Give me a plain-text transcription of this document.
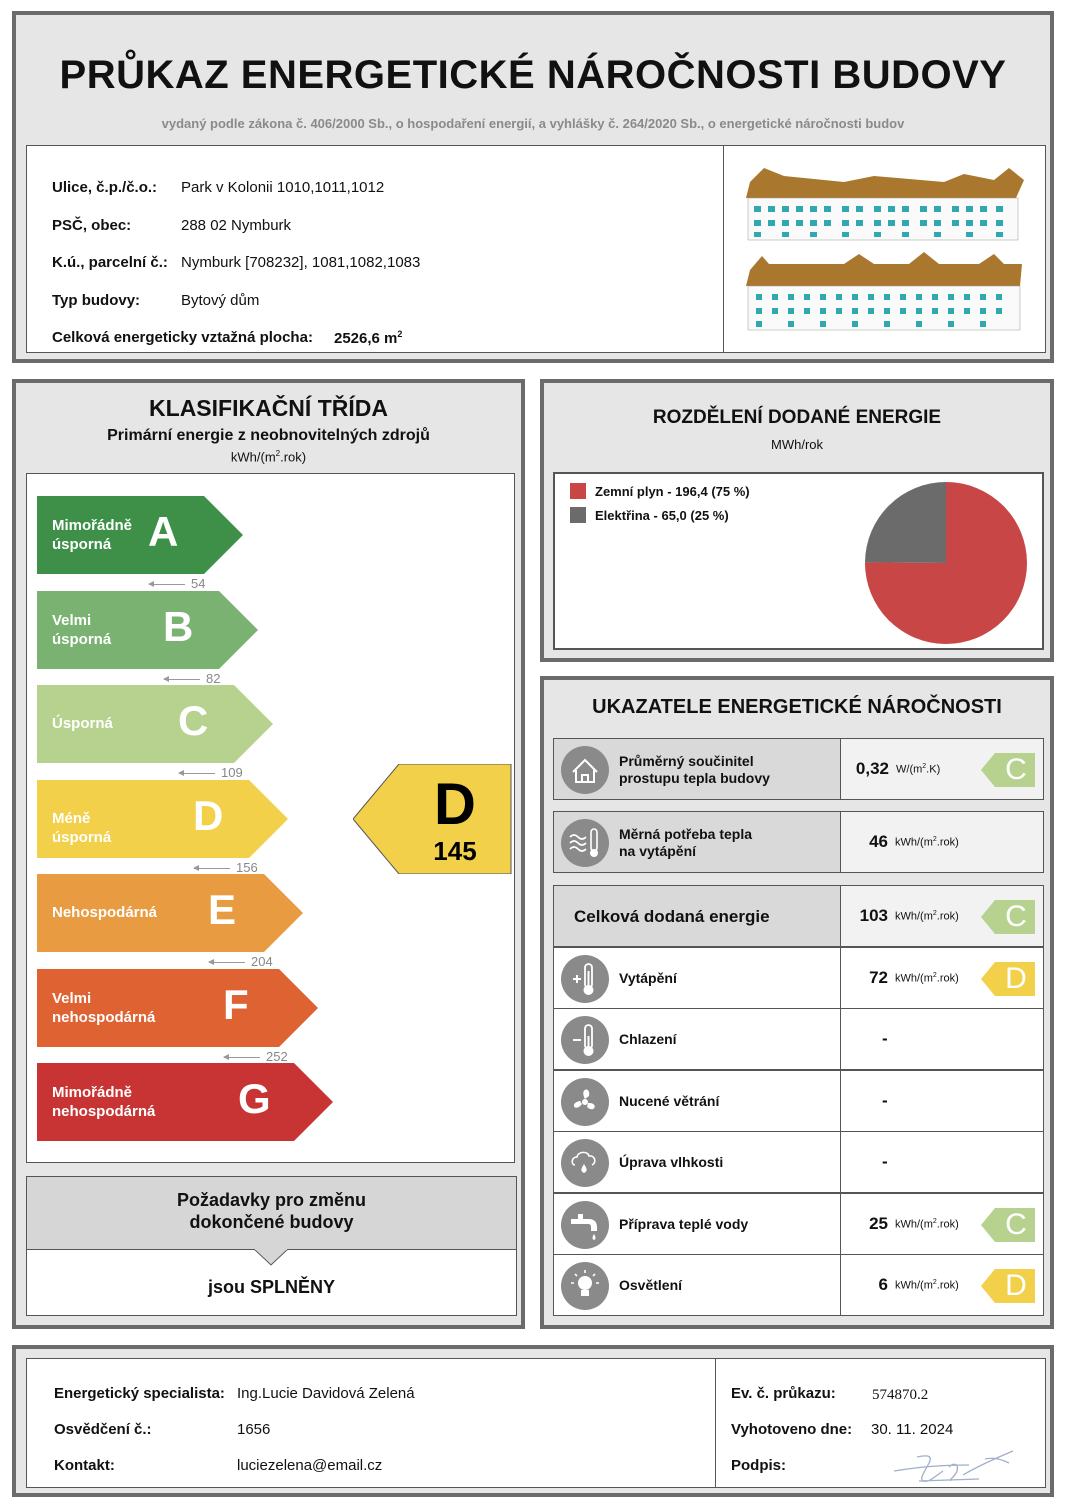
PRŮKAZ ENERGETICKÉ NÁROČNOSTI BUDOVY
vydaný podle zákona č. 406/2000 Sb., o hospodaření energií, a vyhlášky č. 264/2020 Sb., o energetické náročnosti budov
Ulice, č.p./č.o.: Park v Kolonii 1010,1011,1012
PSČ, obec:	288 02 Nymburk
K.ú., parcelní č.: Nymburk [708232], 1081,1082,1083
Typ budovy:	Bytový dům
Celková energeticky vztažná plocha: 2526,6 $m^2$
KLASIFIKAČNÍ TŘÍDA
Primární energie z neobnovitelných zdrojů
kWh/$(m^2.rok)$
Mimořádně
úsporná A
54
Velmi
úsporná B
82
Úsporná C
109
Méně úsporná D
156
Nehospodárná E
204
Velmi
nehospodárná F
252
Mimořádně
nehospodárná G
D
145
Požadavky pro změnu
dokončené budovy
jsou SPLNĚNY
ROZDĚLENÍ DODANÉ ENERGIE
MWh/rok
Zemní plyn - 196,4 (75 %)
Elektřina - 65,0 (25 %)
UKAZATELE ENERGETICKÉ NÁROČNOSTI
Průměrný součinitel
prostupu tepla budovy	0,32 $W/(m^2.K)$ C
Měrná potřeba tepla
na vytápění	46 kWh/$(m^2.rok)$
Celková dodaná energie	103 kWh/$(m^2.rok)$ C
Vytápění	72 kWh/$(m^2.rok)$ D
Chlazení	-
Nucené větrání	-
Úprava vlhkosti	-
Příprava teplé vody	25 kWh/$(m^2.rok)$ C
Osvětlení	6 kWh/$(m^2.rok)$ D
Energetický specialista: Ing.Lucie Davidová Zelená
Osvědčení č.:	1656
Kontakt:	luciezelena@email.cz
Ev. č. průkazu: 574870.2
Vyhotoveno dne: 30. 11. 2024
Podpis:
